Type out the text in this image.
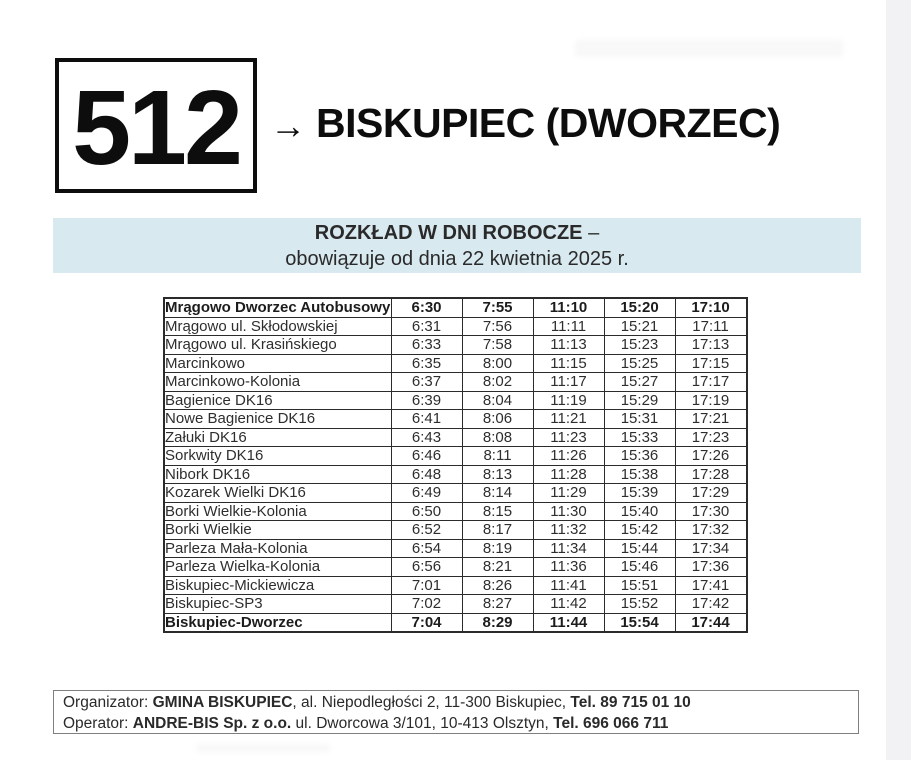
512 → BISKUPIEC (DWORZEC)
ROZKŁAD W DNI ROBOCZE –
obowiązuje od dnia 22 kwietnia 2025 r.
Mrągowo Dworzec Autobusowy	6:30	7:55	11:10	15:20	17:10
Mrągowo ul. Skłodowskiej	6:31	7:56	11:11	15:21	17:11
Mrągowo ul. Krasińskiego	6:33	7:58	11:13	15:23	17:13
Marcinkowo	6:35	8:00	11:15	15:25	17:15
Marcinkowo-Kolonia	6:37	8:02	11:17	15:27	17:17
Bagienice DK16	6:39	8:04	11:19	15:29	17:19
Nowe Bagienice DK16	6:41	8:06	11:21	15:31	17:21
Załuki DK16	6:43	8:08	11:23	15:33	17:23
Sorkwity DK16	6:46	8:11	11:26	15:36	17:26
Nibork DK16	6:48	8:13	11:28	15:38	17:28
Kozarek Wielki DK16	6:49	8:14	11:29	15:39	17:29
Borki Wielkie-Kolonia	6:50	8:15	11:30	15:40	17:30
Borki Wielkie	6:52	8:17	11:32	15:42	17:32
Parleza Mała-Kolonia	6:54	8:19	11:34	15:44	17:34
Parleza Wielka-Kolonia	6:56	8:21	11:36	15:46	17:36
Biskupiec-Mickiewicza	7:01	8:26	11:41	15:51	17:41
Biskupiec-SP3	7:02	8:27	11:42	15:52	17:42
Biskupiec-Dworzec	7:04	8:29	11:44	15:54	17:44
Organizator: GMINA BISKUPIEC, al. Niepodległości 2, 11-300 Biskupiec, Tel. 89 715 01 10
Operator: ANDRE-BIS Sp. z o.o. ul. Dworcowa 3/101, 10-413 Olsztyn, Tel. 696 066 711
